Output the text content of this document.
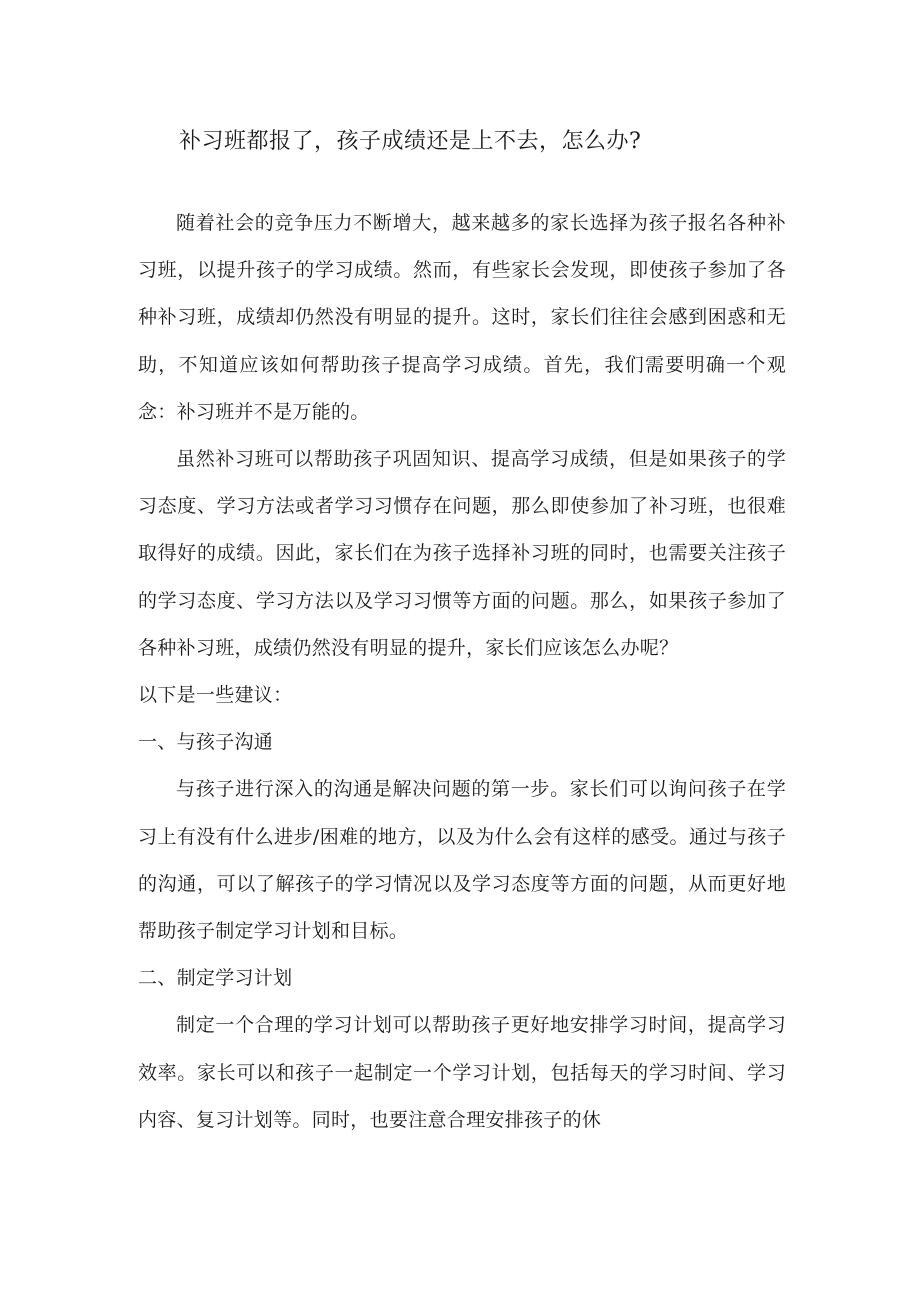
补习班都报了，孩子成绩还是上不去，怎么办?

随着社会的竞争压力不断增大，越来越多的家长选择为孩子报名各种补习班，以提升孩子的学习成绩。然而，有些家长会发现，即使孩子参加了各种补习班，成绩却仍然没有明显的提升。这时，家长们往往会感到困惑和无助，不知道应该如何帮助孩子提高学习成绩。首先，我们需要明确一个观念：补习班并不是万能的。

虽然补习班可以帮助孩子巩固知识、提高学习成绩，但是如果孩子的学习态度、学习方法或者学习习惯存在问题，那么即使参加了补习班，也很难取得好的成绩。因此，家长们在为孩子选择补习班的同时，也需要关注孩子的学习态度、学习方法以及学习习惯等方面的问题。那么，如果孩子参加了各种补习班，成绩仍然没有明显的提升，家长们应该怎么办呢？

以下是一些建议：

一、与孩子沟通

与孩子进行深入的沟通是解决问题的第一步。家长们可以询问孩子在学习上有没有什么进步/困难的地方，以及为什么会有这样的感受。通过与孩子的沟通，可以了解孩子的学习情况以及学习态度等方面的问题，从而更好地帮助孩子制定学习计划和目标。

二、制定学习计划

制定一个合理的学习计划可以帮助孩子更好地安排学习时间，提高学习效率。家长可以和孩子一起制定一个学习计划，包括每天的学习时间、学习内容、复习计划等。同时，也要注意合理安排孩子的休
